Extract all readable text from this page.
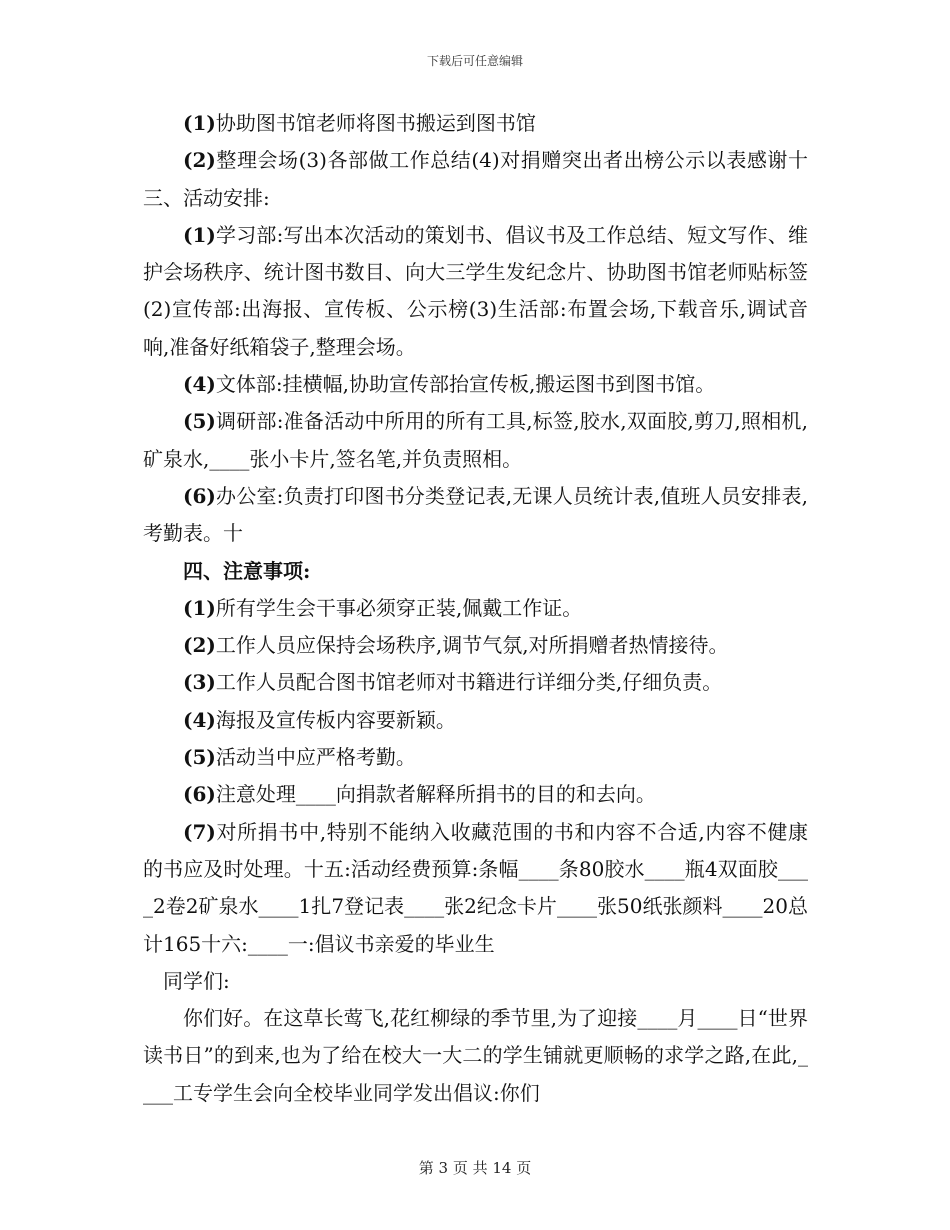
下载后可任意编辑

(1)协助图书馆老师将图书搬运到图书馆

(2)整理会场(3)各部做工作总结(4)对捐赠突出者出榜公示以表感谢十三、活动安排:

(1)学习部:写出本次活动的策划书、倡议书及工作总结、短文写作、维护会场秩序、统计图书数目、向大三学生发纪念片、协助图书馆老师贴标签(2)宣传部:出海报、宣传板、公示榜(3)生活部:布置会场,下载音乐,调试音响,准备好纸箱袋子,整理会场。

(4)文体部:挂横幅,协助宣传部抬宣传板,搬运图书到图书馆。

(5)调研部:准备活动中所用的所有工具,标签,胶水,双面胶,剪刀,照相机,矿泉水,____张小卡片,签名笔,并负责照相。

(6)办公室:负责打印图书分类登记表,无课人员统计表,值班人员安排表,考勤表。十

四、注意事项:

(1)所有学生会干事必须穿正装,佩戴工作证。

(2)工作人员应保持会场秩序,调节气氛,对所捐赠者热情接待。

(3)工作人员配合图书馆老师对书籍进行详细分类,仔细负责。

(4)海报及宣传板内容要新颖。

(5)活动当中应严格考勤。

(6)注意处理____向捐款者解释所捐书的目的和去向。

(7)对所捐书中,特别不能纳入收藏范围的书和内容不合适,内容不健康的书应及时处理。十五:活动经费预算:条幅____条80胶水____瓶4双面胶____2卷2矿泉水____1扎7登记表____张2纪念卡片____张50纸张颜料____20总计165十六:____一:倡议书亲爱的毕业生

同学们:

你们好。在这草长莺飞,花红柳绿的季节里,为了迎接____月____日“世界读书日”的到来,也为了给在校大一大二的学生铺就更顺畅的求学之路,在此,____工专学生会向全校毕业同学发出倡议:你们

第 3 页 共 14 页
